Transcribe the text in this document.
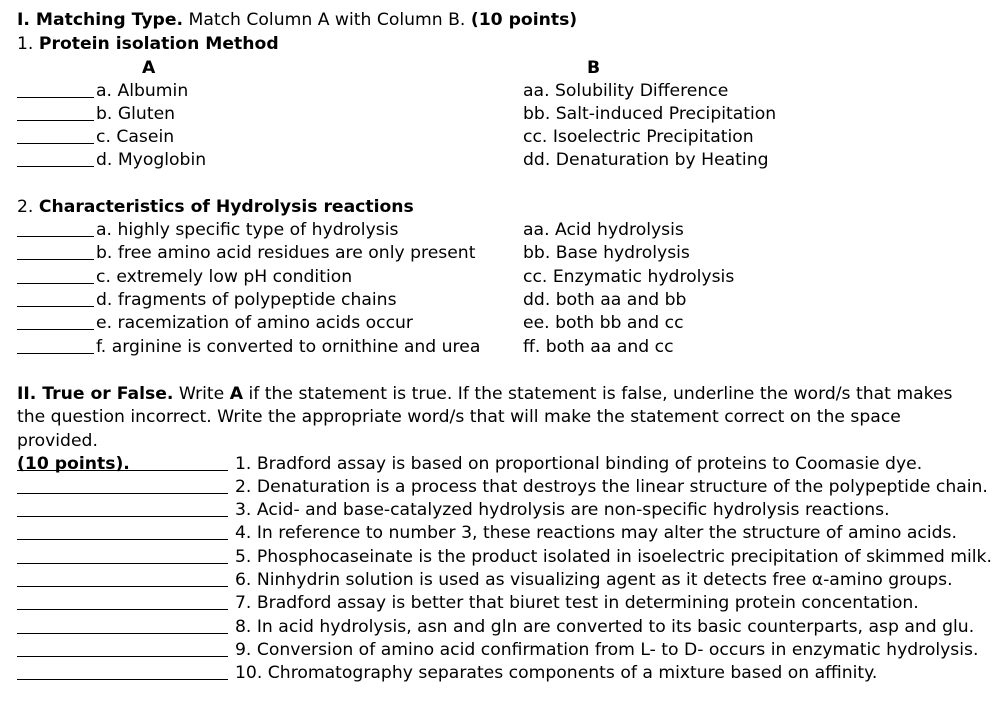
I. Matching Type. Match Column A with Column B. (10 points)
1. Protein isolation Method
A	B
a. Albumin	aa. Solubility Difference
b. Gluten	bb. Salt-induced Precipitation
c. Casein	cc. Isoelectric Precipitation
d. Myoglobin	dd. Denaturation by Heating
2. Characteristics of Hydrolysis reactions
a. highly specific type of hydrolysis	aa. Acid hydrolysis
b. free amino acid residues are only present	bb. Base hydrolysis
c. extremely low pH condition	cc. Enzymatic hydrolysis
d. fragments of polypeptide chains	dd. both aa and bb
e. racemization of amino acids occur	ee. both bb and cc
f. arginine is converted to ornithine and urea ff. both aa and cc

II. True or False. Write A if the statement is true. If the statement is false, underline the word/s that makes the question incorrect. Write the appropriate word/s that will make the statement correct on the space provided.

(10 points).	1. Bradford assay is based on proportional binding of proteins to Coomasie dye.
2. Denaturation is a process that destroys the linear structure of the polypeptide chain.
3. Acid- and base-catalyzed hydrolysis are non-specific hydrolysis reactions.
4. In reference to number 3, these reactions may alter the structure of amino acids.
5. Phosphocaseinate is the product isolated in isoelectric precipitation of skimmed milk.
6. Ninhydrin solution is used as visualizing agent as it detects free α-amino groups.
7. Bradford assay is better that biuret test in determining protein concentation.
8. In acid hydrolysis, asn and gln are converted to its basic counterparts, asp and glu.
9. Conversion of amino acid confirmation from L- to D- occurs in enzymatic hydrolysis.
10. Chromatography separates components of a mixture based on affinity.
